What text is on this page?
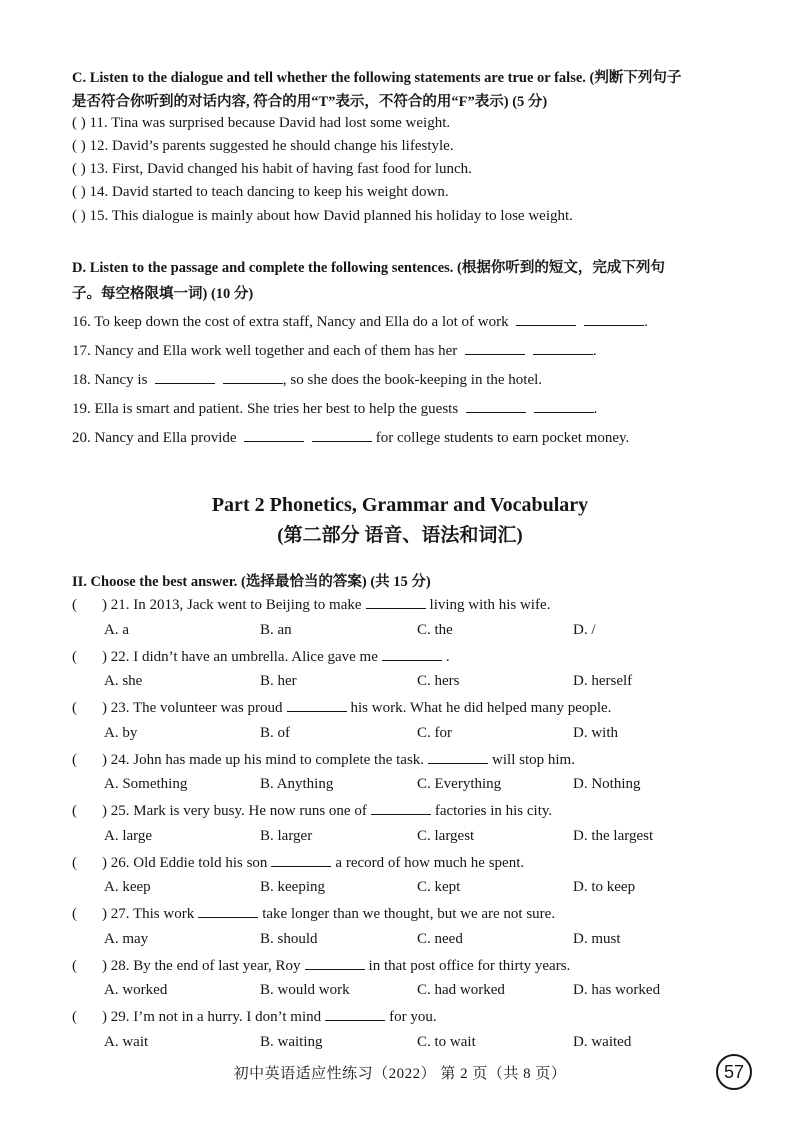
C. Listen to the dialogue and tell whether the following statements are true or false. (判断下列句子
是否符合你听到的对话内容, 符合的用“T”表示，不符合的用“F”表示) (5 分)
( ) 11. Tina was surprised because David had lost some weight.
( ) 12. David’s parents suggested he should change his lifestyle.
( ) 13. First, David changed his habit of having fast food for lunch.
( ) 14. David started to teach dancing to keep his weight down.
( ) 15. This dialogue is mainly about how David planned his holiday to lose weight.
D. Listen to the passage and complete the following sentences. (根据你听到的短文，完成下列句
子。每空格限填一词) (10 分)
16. To keep down the cost of extra staff, Nancy and Ella do a lot of work	.
17. Nancy and Ella work well together and each of them has her	.
18. Nancy is	, so she does the book-keeping in the hotel.
19. Ella is smart and patient. She tries her best to help the guests	.
20. Nancy and Ella provide	for college students to earn pocket money.
Part 2 Phonetics, Grammar and Vocabulary
(第二部分 语音、语法和词汇)
II. Choose the best answer. (选择最恰当的答案) (共 15 分)
( ) 21. In 2013, Jack went to Beijing to make	living with his wife.
A. a	B. an	C. the	D. /
( ) 22. I didn’t have an umbrella. Alice gave me	.
A. she	B. her	C. hers	D. herself
( ) 23. The volunteer was proud	his work. What he did helped many people.
A. by	B. of	C. for	D. with
( ) 24. John has made up his mind to complete the task.	will stop him.
A. Something	B. Anything	C. Everything	D. Nothing
( ) 25. Mark is very busy. He now runs one of	factories in his city.
A. large	B. larger	C. largest	D. the largest
( ) 26. Old Eddie told his son	a record of how much he spent.
A. keep	B. keeping	C. kept	D. to keep
( ) 27. This work	take longer than we thought, but we are not sure.
A. may	B. should	C. need	D. must
( ) 28. By the end of last year, Roy	in that post office for thirty years.
A. worked	B. would work	C. had worked	D. has worked
( ) 29. I’m not in a hurry. I don’t mind	for you.
A. wait	B. waiting	C. to wait	D. waited
初中英语适应性练习（2022） 第 2 页（共 8 页）	57
